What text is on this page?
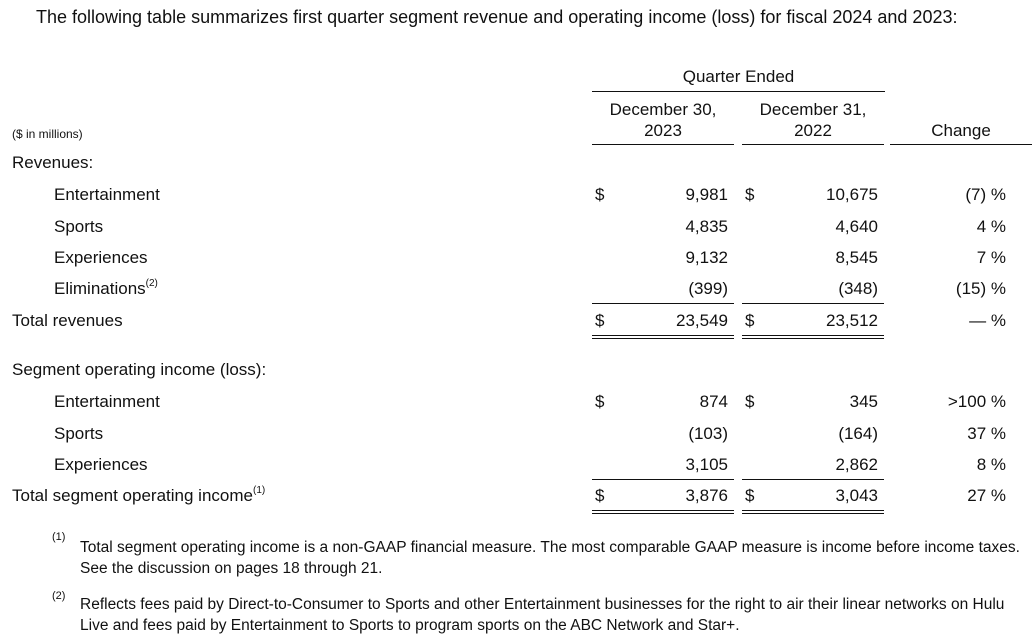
The following table summarizes first quarter segment revenue and operating income (loss) for fiscal 2024 and 2023:

Quarter Ended
December 30,
2023
December 31,
2022	Change
($ in millions)
Revenues:
Entertainment	$	9,981 $	10,675	(7) %
Sports	4,835	4,640	4 %
Experiences	9,132	8,545	7 %
Eliminations$^{(2)}$	(399)	(348)	(15) %
Total revenues	$	23,549 $	23,512	— %
Segment operating income (loss):
Entertainment	$	874 $	345	>100 %
Sports	(103)	(164)	37 %
Experiences	3,105	2,862	8 %
Total segment operating income$^{(1)}$	$	3,876 $	3,043	27 %
(1)
Total segment operating income is a non-GAAP financial measure. The most comparable GAAP measure is income before income taxes. See the discussion on pages 18 through 21.
(2) Reflects fees paid by Direct-to-Consumer to Sports and other Entertainment businesses for the right to air their linear networks on Hulu Live and fees paid by Entertainment to Sports to program sports on the ABC Network and Star+.
